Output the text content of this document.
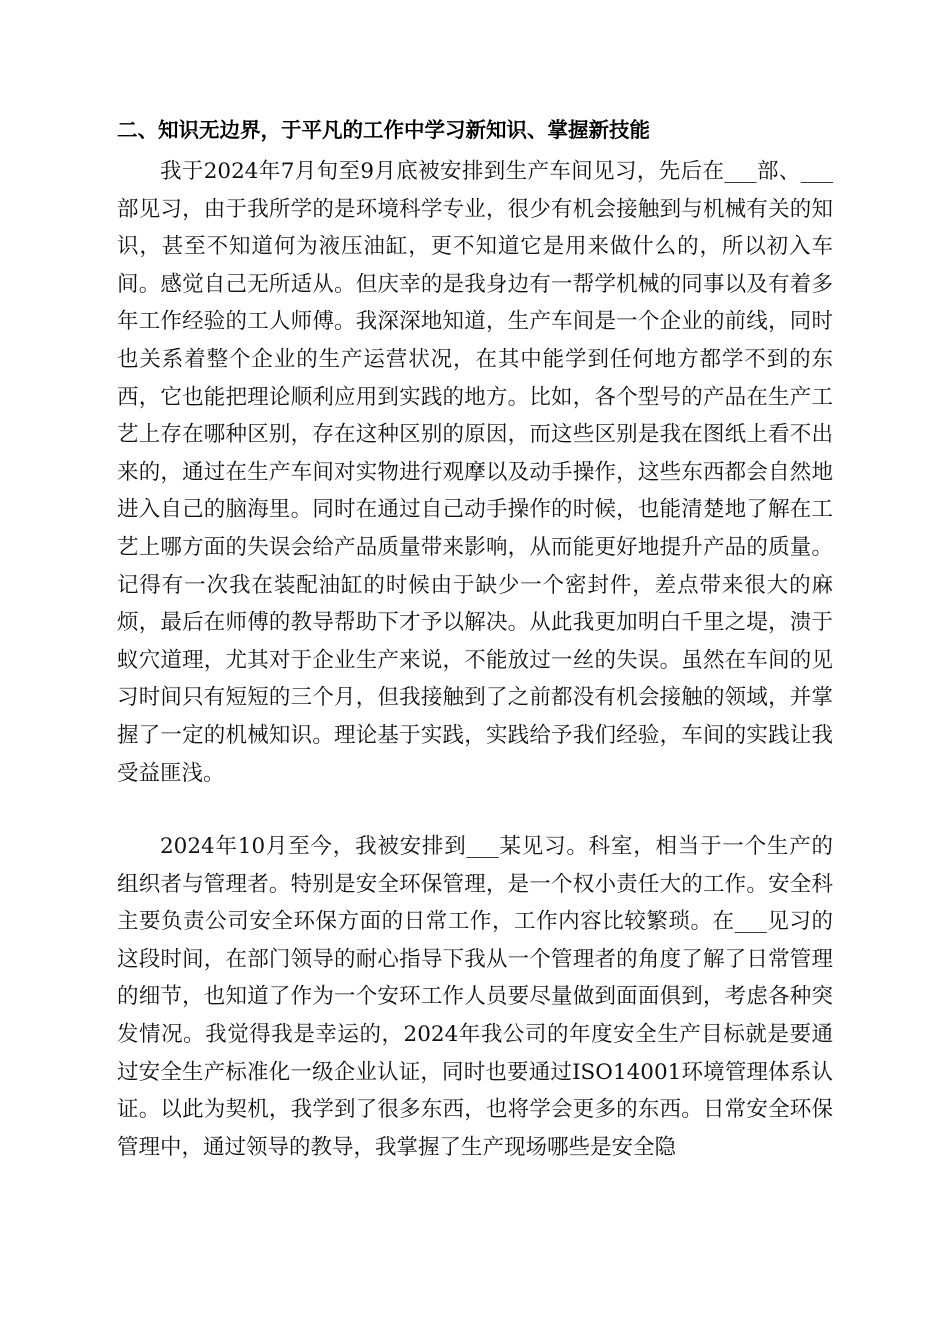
二、知识无边界，于平凡的工作中学习新知识、掌握新技能

我于2024年7月旬至9月底被安排到生产车间见习，先后在___部、___部见习，由于我所学的是环境科学专业，很少有机会接触到与机械有关的知识，甚至不知道何为液压油缸，更不知道它是用来做什么的，所以初入车间。感觉自己无所适从。但庆幸的是我身边有一帮学机械的同事以及有着多年工作经验的工人师傅。我深深地知道，生产车间是一个企业的前线，同时也关系着整个企业的生产运营状况，在其中能学到任何地方都学不到的东西，它也能把理论顺利应用到实践的地方。比如，各个型号的产品在生产工艺上存在哪种区别，存在这种区别的原因，而这些区别是我在图纸上看不出来的，通过在生产车间对实物进行观摩以及动手操作，这些东西都会自然地进入自己的脑海里。同时在通过自己动手操作的时候，也能清楚地了解在工艺上哪方面的失误会给产品质量带来影响，从而能更好地提升产品的质量。记得有一次我在装配油缸的时候由于缺少一个密封件，差点带来很大的麻烦，最后在师傅的教导帮助下才予以解决。从此我更加明白千里之堤，溃于蚁穴道理，尤其对于企业生产来说，不能放过一丝的失误。虽然在车间的见习时间只有短短的三个月，但我接触到了之前都没有机会接触的领域，并掌握了一定的机械知识。理论基于实践，实践给予我们经验，车间的实践让我受益匪浅。

2024年10月至今，我被安排到___某见习。科室，相当于一个生产的组织者与管理者。特别是安全环保管理，是一个权小责任大的工作。安全科主要负责公司安全环保方面的日常工作，工作内容比较繁琐。在___见习的这段时间，在部门领导的耐心指导下我从一个管理者的角度了解了日常管理的细节，也知道了作为一个安环工作人员要尽量做到面面俱到，考虑各种突发情况。我觉得我是幸运的，2024年我公司的年度安全生产目标就是要通过安全生产标准化一级企业认证，同时也要通过ISO14001环境管理体系认证。以此为契机，我学到了很多东西，也将学会更多的东西。日常安全环保管理中，通过领导的教导，我掌握了生产现场哪些是安全隐
